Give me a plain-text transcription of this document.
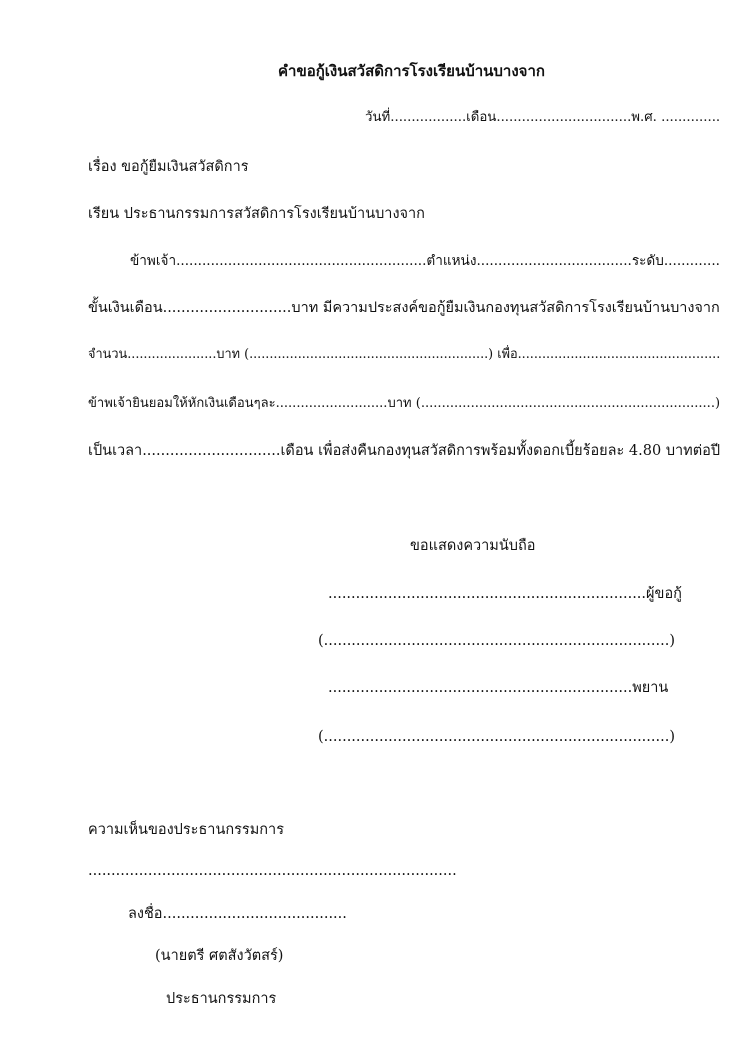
คำขอกู้เงินสวัสดิการโรงเรียนบ้านบางจาก
วันที่..................เดือน................................พ.ศ. ..............
เรื่อง ขอกู้ยืมเงินสวัสดิการ
เรียน ประธานกรรมการสวัสดิการโรงเรียนบ้านบางจาก
ข้าพเจ้า..........................................................ตำแหน่ง....................................ระดับ.............
ขั้นเงินเดือน............................บาท มีความประสงค์ขอกู้ยืมเงินกองทุนสวัสดิการโรงเรียนบ้านบางจาก
จำนวน......................บาท (...........................................................) เพื่อ..................................................
ข้าพเจ้ายินยอมให้หักเงินเดือนๆละ...........................บาท (.......................................................................)
เป็นเวลา..............................เดือน เพื่อส่งคืนกองทุนสวัสดิการพร้อมทั้งดอกเบี้ยร้อยละ 4.80 บาทต่อปี
ขอแสดงความนับถือ
.....................................................................ผู้ขอกู้
(...........................................................................)
..................................................................พยาน
(...........................................................................)
ความเห็นของประธานกรรมการ
................................................................................
ลงชื่อ........................................
(นายตรี ศตสังวัตสร์)
ประธานกรรมการ
